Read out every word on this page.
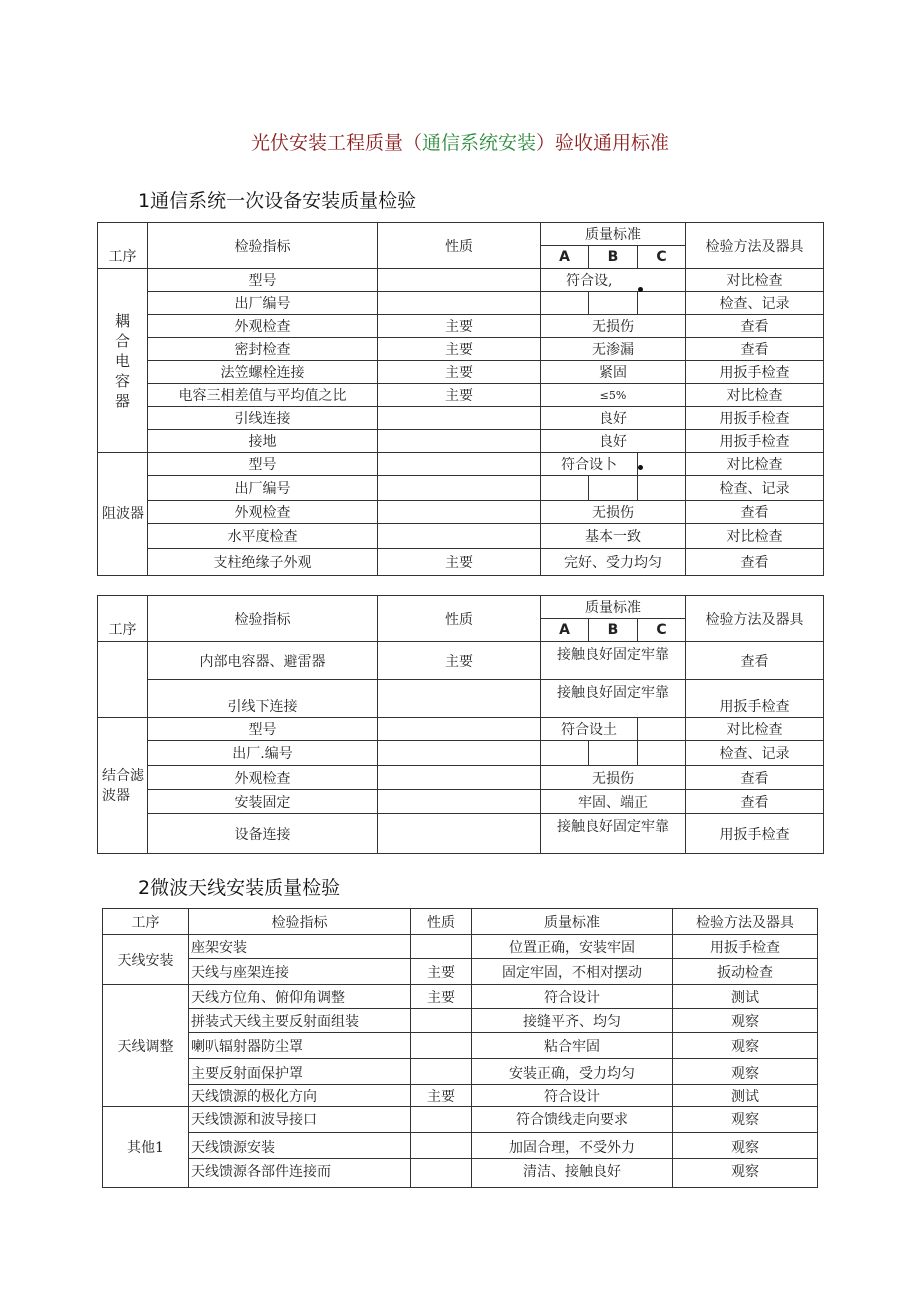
光伏安装工程质量（通信系统安装）验收通用标准
1通信系统一次设备安装质量检验
工序	检验指标	性质	质量标准			检验方法及器具
			A	B	C	
耦合电容器	型号		符合设,			对比检查
	出厂编号					检查、记录
	外观检查	主要	无损伤			查看
	密封检查	主要	无渗漏			查看
	法笠螺栓连接	主要	紧固			用扳手检查
	电容三相差值与平均值之比	主要	≤5%			对比检查
	引线连接		良好			用扳手检查
	接地		良好			用扳手检查
阻波器	型号		符合设卜			对比检查
	出厂编号					检查、记录
	外观检查		无损伤			查看
	水平度检查		基本一致			对比检查
	支柱绝缘子外观	主要	完好、受力均匀			查看
工序	检验指标	性质	质量标准			检验方法及器具
			A	B	C	
	内部电容器、避雷器	主要	接触良好固定牢靠			查看
	引线下连接		接触良好固定牢靠			用扳手检查
结合滤波器	型号		符合设土			对比检查
	出厂.编号					检查、记录
	外观检查		无损伤			查看
	安装固定		牢固、端正			查看
	设备连接		接触良好固定牢靠			用扳手检查
2微波天线安装质量检验
工序	检验指标	性质	质量标准	检验方法及器具
天线安装	座架安装		位置正确，安装牢固	用扳手检查
	天线与座架连接	主要	固定牢固，不相对摆动	扳动检查
天线调整	天线方位角、俯仰角调整	主要	符合设计	测试
	拼装式天线主要反射面组装		接缝平齐、均匀	观察
	喇叭辐射器防尘罩		粘合牢固	观察
	主要反射面保护罩		安装正确，受力均匀	观察
	天线馈源的极化方向	主要	符合设计	测试
其他1	天线馈源和波导接口		符合馈线走向要求	观察
	天线馈源安装		加固合理，不受外力	观察
	天线馈源各部件连接而		清洁、接触良好	观察
